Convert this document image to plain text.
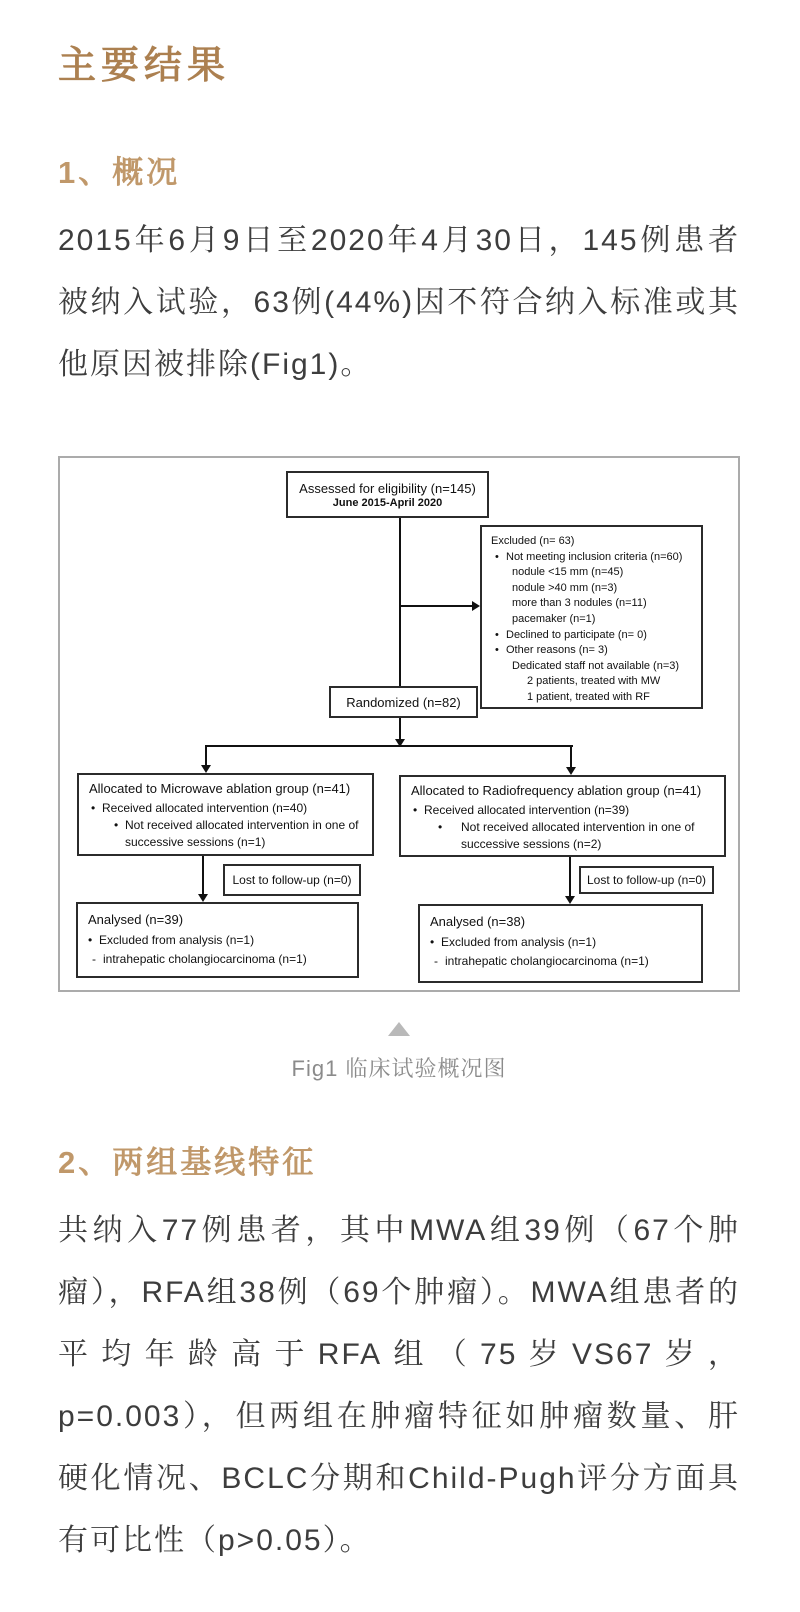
主要结果
1、概况
2015年6月9日至2020年4月30日，145例患者被纳入试验，63例(44%)因不符合纳入标准或其他原因被排除(Fig1)。
Assessed for eligibility (n=145)
June 2015-April 2020
Excluded (n= 63)
• Not meeting inclusion criteria (n=60)
nodule <15 mm (n=45)
nodule >40 mm (n=3)
more than 3 nodules (n=11)
pacemaker (n=1)
• Declined to participate (n= 0)
• Other reasons (n= 3)
Dedicated staff not available (n=3)
2 patients, treated with MW
1 patient, treated with RF
Randomized (n=82)
Allocated to Microwave ablation group (n=41)
• Received allocated intervention (n=40)
• Not received allocated intervention in one of successive sessions (n=1)
Allocated to Radiofrequency ablation group (n=41)
• Received allocated intervention (n=39)
•	Not received allocated intervention in one of successive sessions (n=2)
Lost to follow-up (n=0)	Lost to follow-up (n=0)
Analysed (n=39)
• Excluded from analysis (n=1)
- intrahepatic cholangiocarcinoma (n=1)
Analysed (n=38)
• Excluded from analysis (n=1)
- intrahepatic cholangiocarcinoma (n=1)
Fig1 临床试验概况图
2、两组基线特征
共纳入77例患者，其中MWA组39例（67个肿瘤），RFA组38例（69个肿瘤）。MWA组患者的平均年龄高于RFA组（75岁VS67岁，p=0.003），但两组在肿瘤特征如肿瘤数量、肝硬化情况、BCLC分期和Child-Pugh评分方面具有可比性（p>0.05）。
